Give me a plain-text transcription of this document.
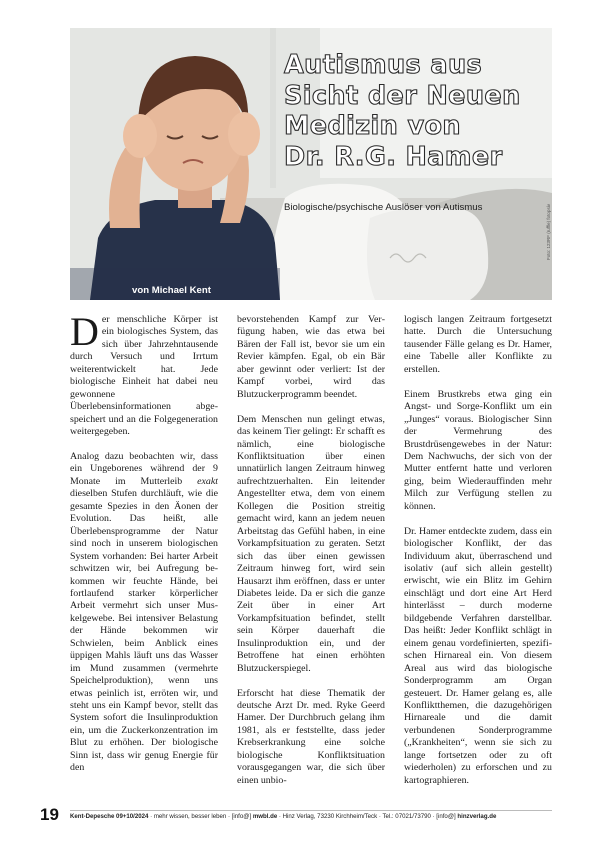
Autismus aus
Sicht der Neuen
Medizin von
Dr. R.G. Hamer
Biologische/psychische Auslöser von Autismus
von Michael Kent
Foto: 123RF (ruffle) fotopsiv

Der menschliche Körper ist ein biologisches System, das sich über Jahrzehntausende durch Versuch und Irrtum weiterentwickelt hat. Jede biologische Einheit hat dabei neu gewonnene Überlebensinformationen abgespeichert und an die Folgegeneration weitergegeben.

Analog dazu beobachten wir, dass ein Ungeborenes während der 9 Monate im Mutterleib exakt dieselben Stufen durchläuft, wie die gesamte Spezies in den Äonen der Evolution. Das heißt, alle Überlebensprogramme der Natur sind noch in unserem biologischen System vorhanden: Bei harter Arbeit schwitzen wir, bei Aufregung bekommen wir feuchte Hände, bei fortlaufend starker körperlicher Arbeit vermehrt sich unser Muskelgewebe. Bei intensiver Belastung der Hände bekommen wir Schwielen, beim Anblick eines üppigen Mahls läuft uns das Wasser im Mund zusammen (vermehrte Speichelproduktion), wenn uns etwas peinlich ist, erröten wir, und steht uns ein Kampf bevor, stellt das System sofort die Insulinproduktion ein, um die Zuckerkonzentration im Blut zu erhöhen. Der biologische Sinn ist, dass wir genug Energie für den

bevorstehenden Kampf zur Verfügung haben, wie das etwa bei Bären der Fall ist, bevor sie um ein Revier kämpfen. Egal, ob ein Bär aber gewinnt oder verliert: Ist der Kampf vorbei, wird das Blutzuckerprogramm beendet.

Dem Menschen nun gelingt etwas, das keinem Tier gelingt: Er schafft es nämlich, eine biologische Konfliktsituation über einen unnatürlich langen Zeitraum hinweg aufrechtzuerhalten. Ein leitender Angestellter etwa, dem von einem Kollegen die Position streitig gemacht wird, kann an jedem neuen Arbeitstag das Gefühl haben, in eine Vorkampfsituation zu geraten. Setzt sich das über einen gewissen Zeitraum hinweg fort, wird sein Hausarzt ihm eröffnen, dass er unter Diabetes leide. Da er sich die ganze Zeit über in einer Art Vorkampfsituation befindet, stellt sein Körper dauerhaft die Insulinproduktion ein, und der Betroffene hat einen erhöhten Blutzuckerspiegel.

Erforscht hat diese Thematik der deutsche Arzt Dr. med. Ryke Geerd Hamer. Der Durchbruch gelang ihm 1981, als er feststellte, dass jeder Krebserkrankung eine solche biologische Konfliktsituation vorausgegangen war, die sich über einen unbio-

logisch langen Zeitraum fortgesetzt hatte. Durch die Untersuchung tausender Fälle gelang es Dr. Hamer, eine Tabelle aller Konflikte zu erstellen.

Einem Brustkrebs etwa ging ein Angst- und Sorge-Konflikt um ein „Junges“ voraus. Biologischer Sinn der Vermehrung des Brustdrüsengewebes in der Natur: Dem Nachwuchs, der sich von der Mutter entfernt hatte und verloren ging, beim Wiederauffinden mehr Milch zur Verfügung stellen zu können.

Dr. Hamer entdeckte zudem, dass ein biologischer Konflikt, der das Individuum akut, überraschend und isolativ (auf sich allein gestellt) erwischt, wie ein Blitz im Gehirn einschlägt und dort eine Art Herd hinterlässt – durch moderne bildgebende Verfahren darstellbar. Das heißt: Jeder Konflikt schlägt in einem genau vordefinierten, spezifischen Hirnareal ein. Von diesem Areal aus wird das biologische Sonderprogramm am Organ gesteuert. Dr. Hamer gelang es, alle Konfliktthemen, die dazugehörigen Hirnareale und die damit verbundenen Sonderprogramme („Krankheiten“, wenn sie sich zu lange fortsetzen oder zu oft wiederholen) zu erforschen und zu kartographieren.

19 Kent-Depesche 09+10/2024 · mehr wissen, besser leben · [info@] mwbl.de · Hinz Verlag, 73230 Kirchheim/Teck · Tel.: 07021/73790 · [info@] hinzverlag.de
